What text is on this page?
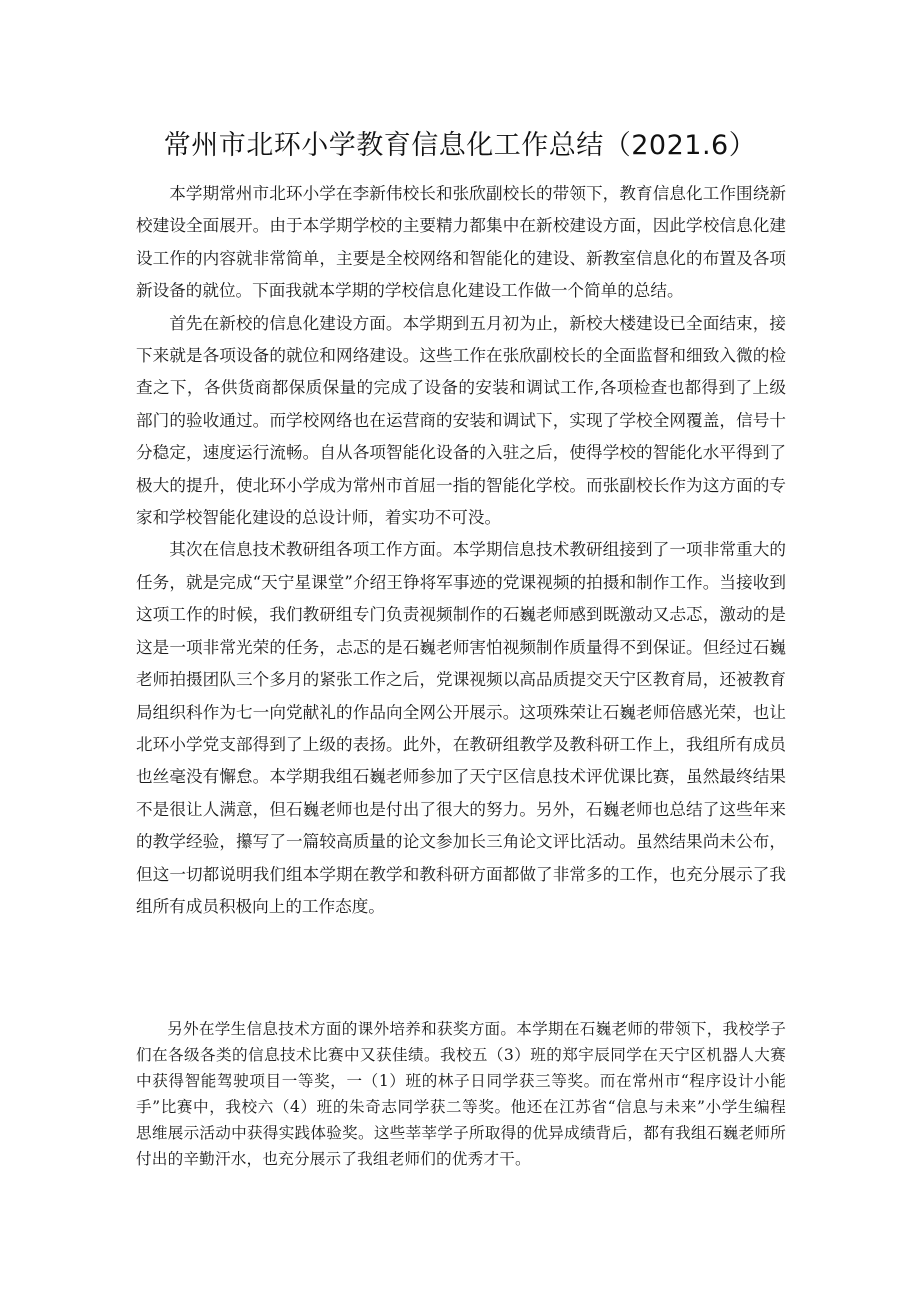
常州市北环小学教育信息化工作总结（2021.6）

本学期常州市北环小学在李新伟校长和张欣副校长的带领下，教育信息化工作围绕新校建设全面展开。由于本学期学校的主要精力都集中在新校建设方面，因此学校信息化建设工作的内容就非常简单，主要是全校网络和智能化的建设、新教室信息化的布置及各项新设备的就位。下面我就本学期的学校信息化建设工作做一个简单的总结。

首先在新校的信息化建设方面。本学期到五月初为止，新校大楼建设已全面结束，接下来就是各项设备的就位和网络建设。这些工作在张欣副校长的全面监督和细致入微的检查之下，各供货商都保质保量的完成了设备的安装和调试工作,各项检查也都得到了上级部门的验收通过。而学校网络也在运营商的安装和调试下，实现了学校全网覆盖，信号十分稳定，速度运行流畅。自从各项智能化设备的入驻之后，使得学校的智能化水平得到了极大的提升，使北环小学成为常州市首屈一指的智能化学校。而张副校长作为这方面的专家和学校智能化建设的总设计师，着实功不可没。

其次在信息技术教研组各项工作方面。本学期信息技术教研组接到了一项非常重大的任务，就是完成“天宁星课堂”介绍王铮将军事迹的党课视频的拍摄和制作工作。当接收到这项工作的时候，我们教研组专门负责视频制作的石巍老师感到既激动又忐忑，激动的是这是一项非常光荣的任务，忐忑的是石巍老师害怕视频制作质量得不到保证。但经过石巍老师拍摄团队三个多月的紧张工作之后，党课视频以高品质提交天宁区教育局，还被教育局组织科作为七一向党献礼的作品向全网公开展示。这项殊荣让石巍老师倍感光荣，也让北环小学党支部得到了上级的表扬。此外，在教研组教学及教科研工作上，我组所有成员也丝毫没有懈怠。本学期我组石巍老师参加了天宁区信息技术评优课比赛，虽然最终结果不是很让人满意，但石巍老师也是付出了很大的努力。另外，石巍老师也总结了这些年来的教学经验，攥写了一篇较高质量的论文参加长三角论文评比活动。虽然结果尚未公布，但这一切都说明我们组本学期在教学和教科研方面都做了非常多的工作，也充分展示了我组所有成员积极向上的工作态度。

另外在学生信息技术方面的课外培养和获奖方面。本学期在石巍老师的带领下，我校学子们在各级各类的信息技术比赛中又获佳绩。我校五（3）班的郑宇辰同学在天宁区机器人大赛中获得智能驾驶项目一等奖，一（1）班的林子日同学获三等奖。而在常州市“程序设计小能手”比赛中，我校六（4）班的朱奇志同学获二等奖。他还在江苏省“信息与未来”小学生编程思维展示活动中获得实践体验奖。这些莘莘学子所取得的优异成绩背后，都有我组石巍老师所付出的辛勤汗水，也充分展示了我组老师们的优秀才干。
